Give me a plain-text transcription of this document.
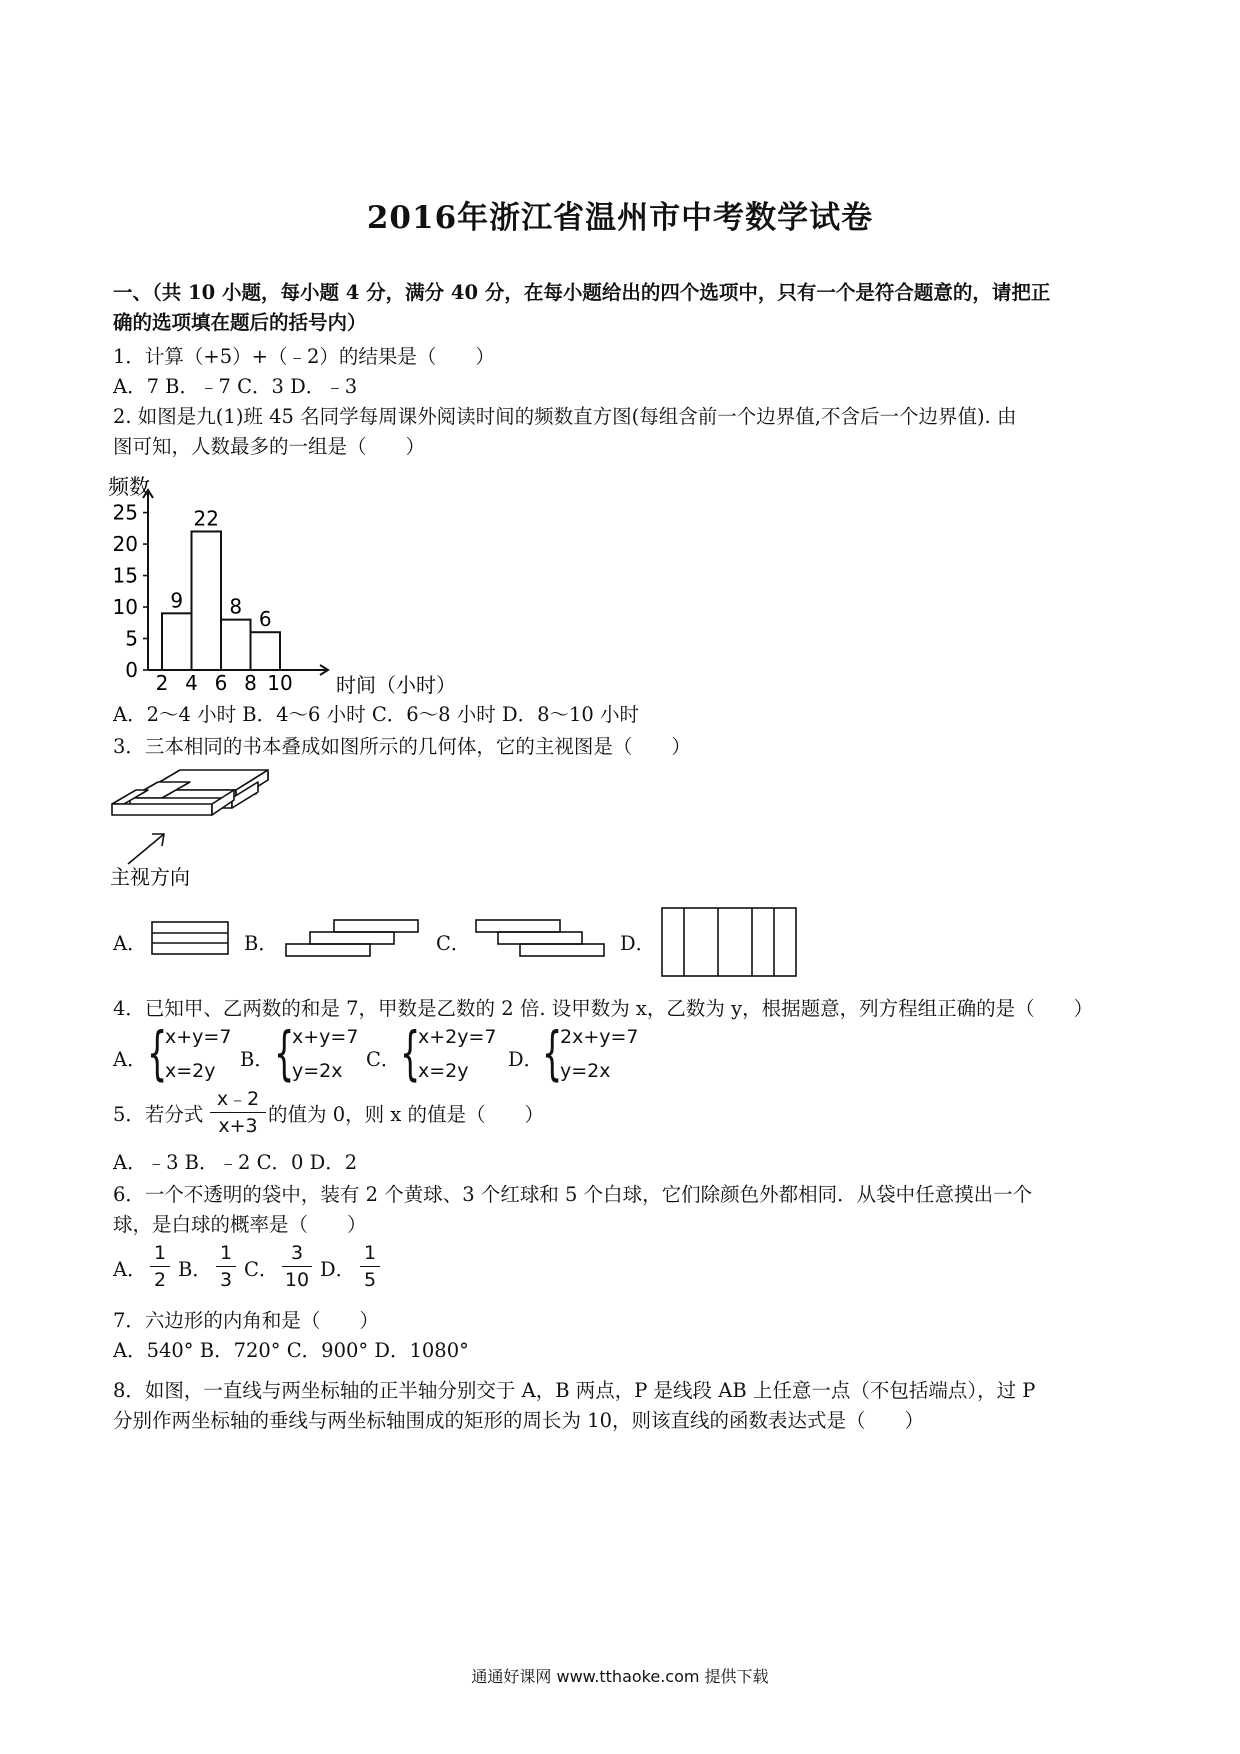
2016年浙江省温州市中考数学试卷
一、（共 10 小题，每小题 4 分，满分 40 分，在每小题给出的四个选项中，只有一个是符合题意的，请把正
确的选项填在题后的括号内）
1．计算（+5）+（﹣2）的结果是（　　）
A．7 B．﹣7 C．3 D．﹣3
2. 如图是九(1)班 45 名同学每周课外阅读时间的频数直方图(每组含前一个边界值,不含后一个边界值). 由
图可知，人数最多的一组是（　　）
频数
0
5
10
15
20
25
2 4 6 8 10
9
22
8
6
时间（小时）
A．2～4 小时 B．4～6 小时 C．6～8 小时 D．8～10 小时
3．三本相同的书本叠成如图所示的几何体，它的主视图是（　　）
主视方向
A．	B．	C．	D．
4．已知甲、乙两数的和是 7，甲数是乙数的 2 倍. 设甲数为 x，乙数为 y，根据题意，列方程组正确的是（　　）
A． {
x+y=7
x=2y B． {
x+y=7
y=2x C． {
x+2y=7
x=2y D．
{
2x+y=7
y=2x
5．若分式
x﹣2
x+3 的值为 0，则 x 的值是（　　）
A．﹣3 B．﹣2 C．0 D．2
6．一个不透明的袋中，装有 2 个黄球、3 个红球和 5 个白球，它们除颜色外都相同．从袋中任意摸出一个
球，是白球的概率是（　　）
A．
1
2 B．
1
3 C．
3
10 D．
1
5
7．六边形的内角和是（　　）
A．540° B．720° C．900° D．1080°
8．如图，一直线与两坐标轴的正半轴分别交于 A，B 两点，P 是线段 AB 上任意一点（不包括端点），过 P
分别作两坐标轴的垂线与两坐标轴围成的矩形的周长为 10，则该直线的函数表达式是（　　）
通通好课网 www.tthaoke.com 提供下载
